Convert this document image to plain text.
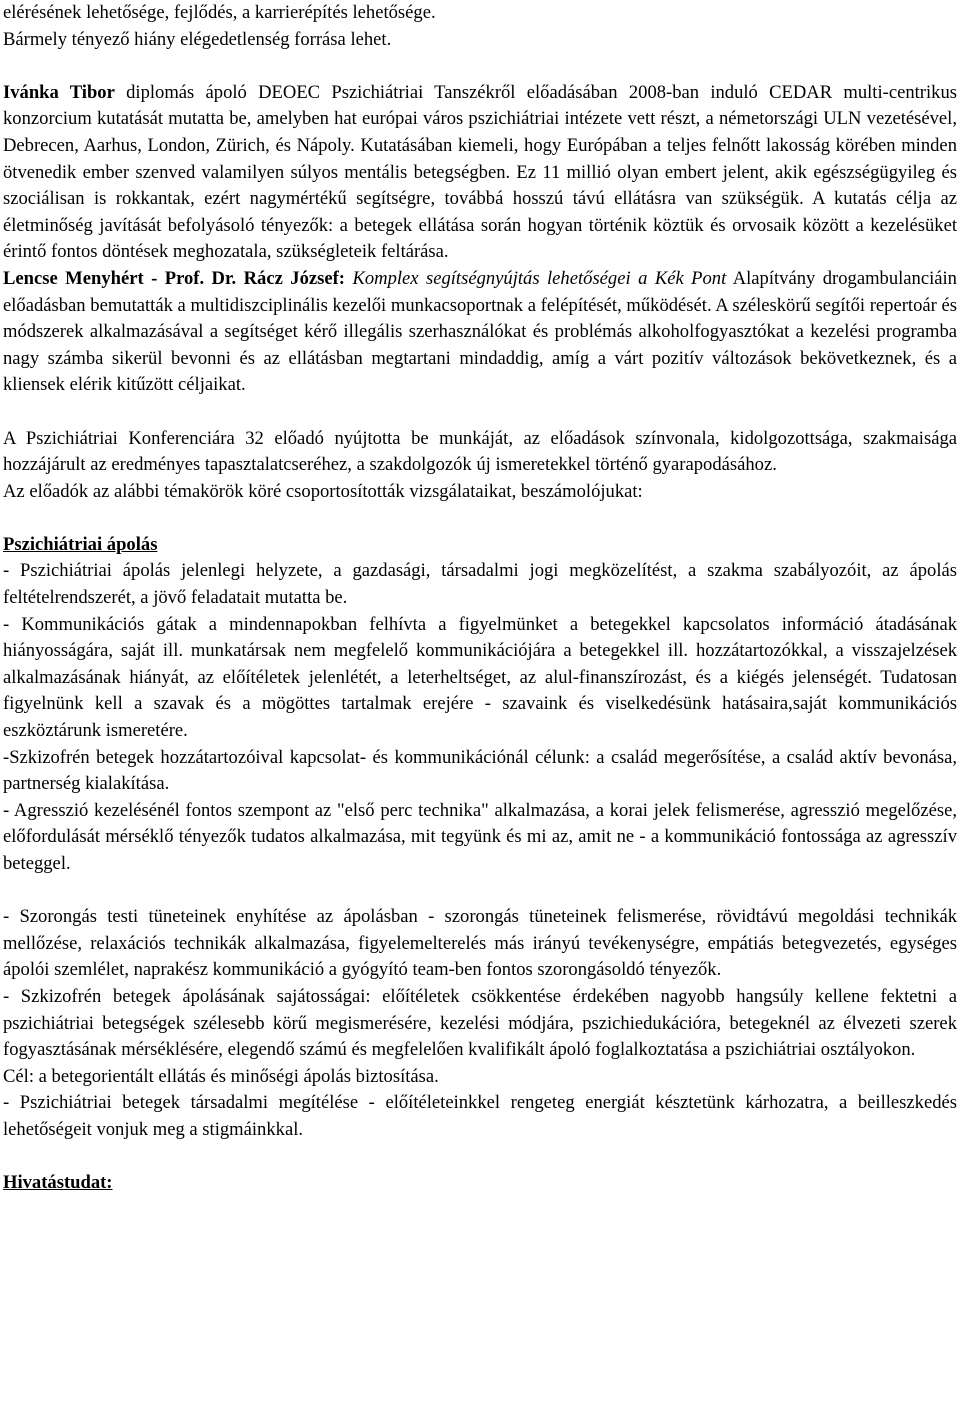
elérésének lehetősége, fejlődés, a karrierépítés lehetősége.

Bármely tényező hiány elégedetlenség forrása lehet.

Ivánka Tibor diplomás ápoló DEOEC Pszichiátriai Tanszékről előadásában 2008-ban induló CEDAR multi-centrikus konzorcium kutatását mutatta be, amelyben hat európai város pszichiátriai intézete vett részt, a németországi ULN vezetésével, Debrecen, Aarhus, London, Zürich, és Nápoly. Kutatásában kiemeli, hogy Európában a teljes felnőtt lakosság körében minden ötvenedik ember szenved valamilyen súlyos mentális betegségben. Ez 11 millió olyan embert jelent, akik egészségügyileg és szociálisan is rokkantak, ezért nagymértékű segítségre, továbbá hosszú távú ellátásra van szükségük. A kutatás célja az életminőség javítását befolyásoló tényezők: a betegek ellátása során hogyan történik köztük és orvosaik között a kezelésüket érintő fontos döntések meghozatala, szükségleteik feltárása.

Lencse Menyhért - Prof. Dr. Rácz József: Komplex segítségnyújtás lehetőségei a Kék Pont Alapítvány drogambulanciáin előadásban bemutatták a multidiszciplinális kezelői munkacsoportnak a felépítését, működését. A széleskörű segítői repertoár és módszerek alkalmazásával a segítséget kérő illegális szerhasználókat és problémás alkoholfogyasztókat a kezelési programba nagy számba sikerül bevonni és az ellátásban megtartani mindaddig, amíg a várt pozitív változások bekövetkeznek, és a kliensek elérik kitűzött céljaikat.

A Pszichiátriai Konferenciára 32 előadó nyújtotta be munkáját, az előadások színvonala, kidolgozottsága, szakmaisága hozzájárult az eredményes tapasztalatcseréhez, a szakdolgozók új ismeretekkel történő gyarapodásához.

Az előadók az alábbi témakörök köré csoportosították vizsgálataikat, beszámolójukat:

Pszichiátriai ápolás

- Pszichiátriai ápolás jelenlegi helyzete, a gazdasági, társadalmi jogi megközelítést, a szakma szabályozóit, az ápolás feltételrendszerét, a jövő feladatait mutatta be.

- Kommunikációs gátak a mindennapokban felhívta a figyelmünket a betegekkel kapcsolatos információ átadásának hiányosságára, saját ill. munkatársak nem megfelelő kommunikációjára a betegekkel ill. hozzátartozókkal, a visszajelzések alkalmazásának hiányát, az előítéletek jelenlétét, a leterheltséget, az alul-finanszírozást, és a kiégés jelenségét. Tudatosan figyelnünk kell a szavak és a mögöttes tartalmak erejére - szavaink és viselkedésünk hatásaira,saját kommunikációs eszköztárunk ismeretére.

-Szkizofrén betegek hozzátartozóival kapcsolat- és kommunikációnál célunk: a család megerősítése, a család aktív bevonása, partnerség kialakítása.

- Agresszió kezelésénél fontos szempont az "első perc technika" alkalmazása, a korai jelek felismerése, agresszió megelőzése, előfordulását mérséklő tényezők tudatos alkalmazása, mit tegyünk és mi az, amit ne - a kommunikáció fontossága az agresszív beteggel.

- Szorongás testi tüneteinek enyhítése az ápolásban - szorongás tüneteinek felismerése, rövidtávú megoldási technikák mellőzése, relaxációs technikák alkalmazása, figyelemelterelés más irányú tevékenységre, empátiás betegvezetés, egységes ápolói szemlélet, naprakész kommunikáció a gyógyító team-ben fontos szorongásoldó tényezők.

- Szkizofrén betegek ápolásának sajátosságai: előítéletek csökkentése érdekében nagyobb hangsúly kellene fektetni a pszichiátriai betegségek szélesebb körű megismerésére, kezelési módjára, pszichiedukációra, betegeknél az élvezeti szerek fogyasztásának mérséklésére, elegendő számú és megfelelően kvalifikált ápoló foglalkoztatása a pszichiátriai osztályokon.

Cél: a betegorientált ellátás és minőségi ápolás biztosítása.

- Pszichiátriai betegek társadalmi megítélése - előítéleteinkkel rengeteg energiát késztetünk kárhozatra, a beilleszkedés lehetőségeit vonjuk meg a stigmáinkkal.

Hivatástudat:
